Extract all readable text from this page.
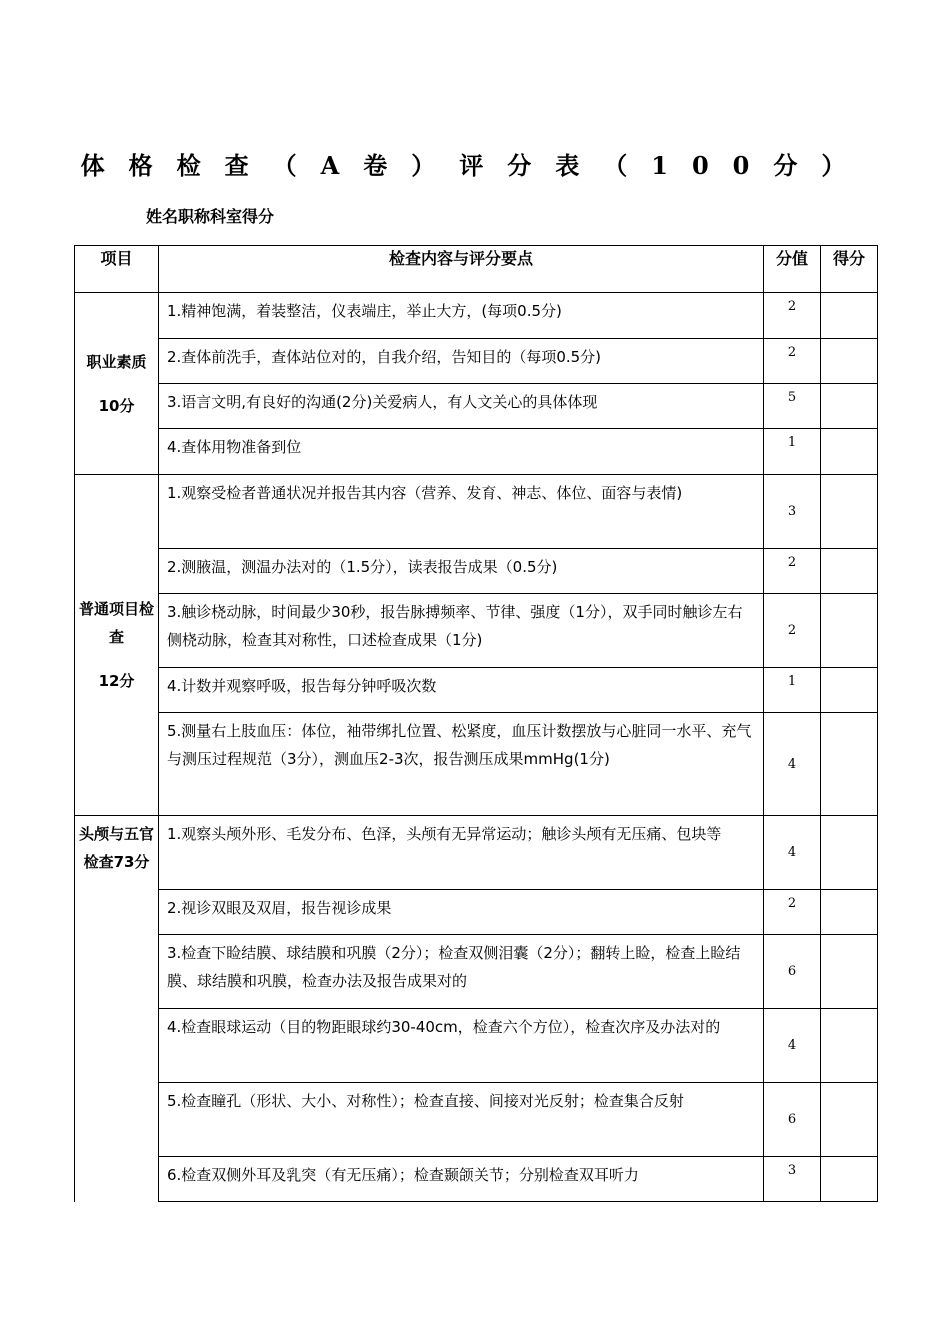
体格检查（A卷）评分表（100分）
姓名职称科室得分
项目	检查内容与评分要点	分值	得分

职业素质
10分	1.精神饱满，着装整洁，仪表端庄，举止大方，(每项0.5分)	2	
	2.查体前洗手，查体站位对的，自我介绍，告知目的（每项0.5分)	2	
	3.语言文明,有良好的沟通(2分)关爱病人，有人文关心的具体体现	5	
	4.查体用物准备到位	1	

普通项目检查
12分	1.观察受检者普通状况并报告其内容（营养、发育、神志、体位、面容与表情)	3	
	2.测腋温，测温办法对的（1.5分），读表报告成果（0.5分)	2	
	3.触诊桡动脉，时间最少30秒，报告脉搏频率、节律、强度（1分），双手同时触诊左右侧桡动脉，检查其对称性，口述检查成果（1分)	2	
	4.计数并观察呼吸，报告每分钟呼吸次数	1	
	5.测量右上肢血压：体位，袖带绑扎位置、松紧度，血压计数摆放与心脏同一水平、充气与测压过程规范（3分），测血压2-3次，报告测压成果mmHg(1分)	4	

头颅与五官检查73分	1.观察头颅外形、毛发分布、色泽，头颅有无异常运动；触诊头颅有无压痛、包块等	4	
	2.视诊双眼及双眉，报告视诊成果	2	
	3.检查下睑结膜、球结膜和巩膜（2分）；检查双侧泪囊（2分）；翻转上睑，检查上睑结膜、球结膜和巩膜，检查办法及报告成果对的	6	
	4.检查眼球运动（目的物距眼球约30-40cm，检查六个方位），检查次序及办法对的	4	
	5.检查瞳孔（形状、大小、对称性）；检查直接、间接对光反射；检查集合反射	6	
	6.检查双侧外耳及乳突（有无压痛）；检查颞颌关节；分别检查双耳听力	3	
